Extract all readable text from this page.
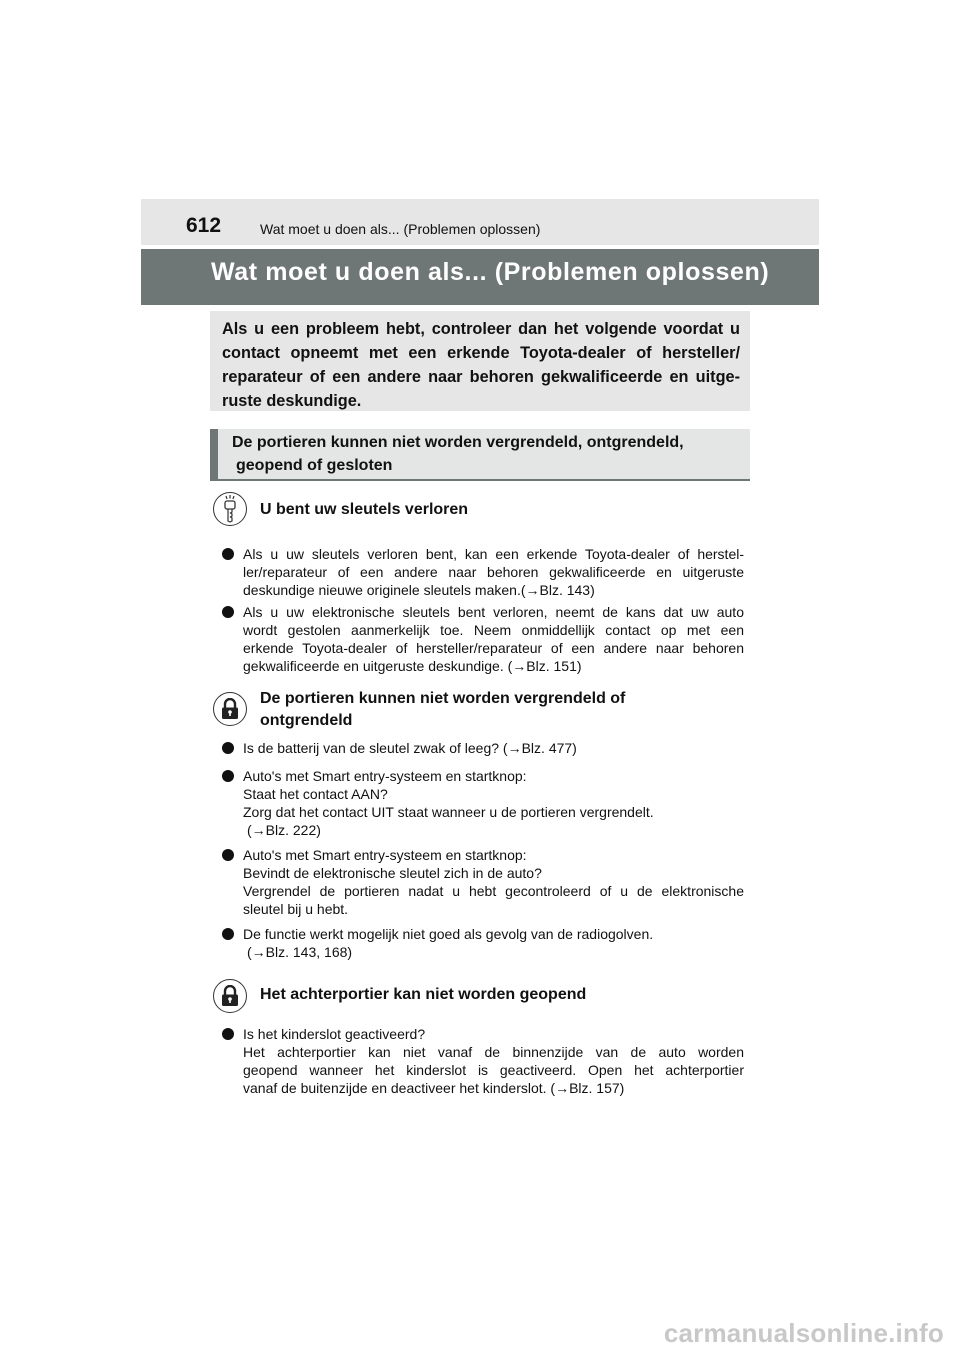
612	Wat moet u doen als... (Problemen oplossen)
Wat moet u doen als... (Problemen oplossen)
Als u een probleem hebt, controleer dan het volgende voordat u contact opneemt met een erkende Toyota-dealer of hersteller/ reparateur of een andere naar behoren gekwalificeerde en uitge- ruste deskundige.
De portieren kunnen niet worden vergrendeld, ontgrendeld,
geopend of gesloten
U bent uw sleutels verloren
Als u uw sleutels verloren bent, kan een erkende Toyota-dealer of herstel-
ler/reparateur of een andere naar behoren gekwalificeerde en uitgeruste
deskundige nieuwe originele sleutels maken.(→Blz. 143)
Als u uw elektronische sleutels bent verloren, neemt de kans dat uw auto
wordt gestolen aanmerkelijk toe. Neem onmiddellijk contact op met een
erkende Toyota-dealer of hersteller/reparateur of een andere naar behoren
gekwalificeerde en uitgeruste deskundige. (→Blz. 151)
De portieren kunnen niet worden vergrendeld of
ontgrendeld
Is de batterij van de sleutel zwak of leeg? (→Blz. 477)
Auto's met Smart entry-systeem en startknop:
Staat het contact AAN?
Zorg dat het contact UIT staat wanneer u de portieren vergrendelt.
(→Blz. 222)
Auto's met Smart entry-systeem en startknop:
Bevindt de elektronische sleutel zich in de auto?
Vergrendel de portieren nadat u hebt gecontroleerd of u de elektronische
sleutel bij u hebt.
De functie werkt mogelijk niet goed als gevolg van de radiogolven.
(→Blz. 143, 168)
Het achterportier kan niet worden geopend
Is het kinderslot geactiveerd?
Het achterportier kan niet vanaf de binnenzijde van de auto worden
geopend wanneer het kinderslot is geactiveerd. Open het achterportier
vanaf de buitenzijde en deactiveer het kinderslot. (→Blz. 157)
carmanualsonline.info
